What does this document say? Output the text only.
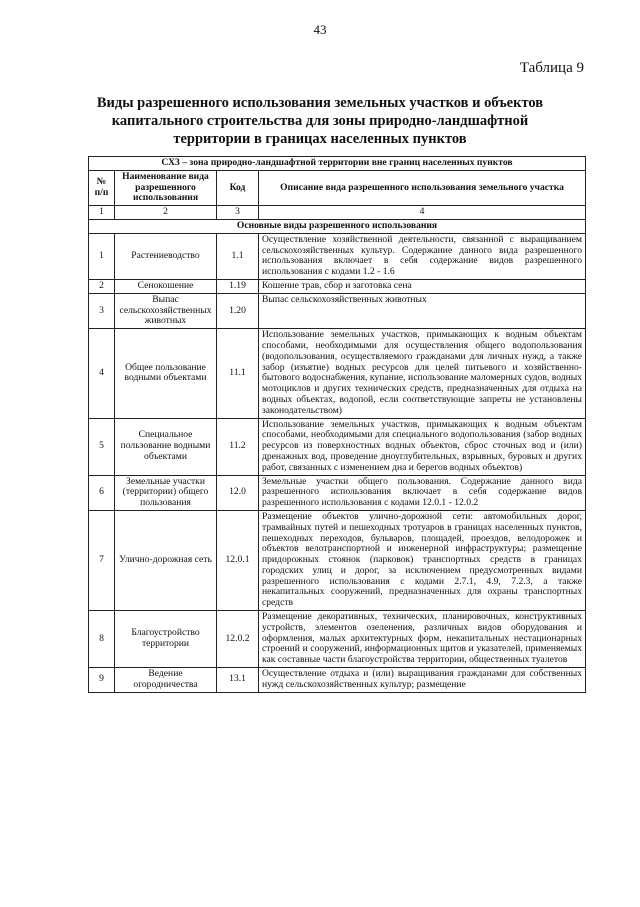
43
Таблица 9
Виды разрешенного использования земельных участков и объектов
капитального строительства для зоны природно-ландшафтной
территории в границах населенных пунктов
СХ3 – зона природно-ландшафтной территории вне границ населенных пунктов			
№ п/п	Наименование вида разрешенного использования	Код	Описание вида разрешенного использования земельного участка
1	2	3	4
Основные виды разрешенного использования			
1	Растениеводство	1.1	Осуществление хозяйственной деятельности, связанной с выращиванием сельскохозяйственных культур. Содержание данного вида разрешенного использования включает в себя содержание видов разрешенного использования с кодами 1.2 - 1.6
2	Сенокошение	1.19	Кошение трав, сбор и заготовка сена
3	Выпас сельскохозяйственных животных	1.20	Выпас сельскохозяйственных животных
4	Общее пользование водными объектами	11.1	Использование земельных участков, примыкающих к водным объектам способами, необходимыми для осуществления общего водопользования (водопользования, осуществляемого гражданами для личных нужд, а также забор (изъятие) водных ресурсов для целей питьевого и хозяйственно-бытового водоснабжения, купание, использование маломерных судов, водных мотоциклов и других технических средств, предназначенных для отдыха на водных объектах, водопой, если соответствующие запреты не установлены законодательством)
5	Специальное пользование водными объектами	11.2	Использование земельных участков, примыкающих к водным объектам способами, необходимыми для специального водопользования (забор водных ресурсов из поверхностных водных объектов, сброс сточных вод и (или) дренажных вод, проведение дноуглубительных, взрывных, буровых и других работ, связанных с изменением дна и берегов водных объектов)
6	Земельные участки (территории) общего пользования	12.0	Земельные участки общего пользования. Содержание данного вида разрешенного использования включает в себя содержание видов разрешенного использования с кодами 12.0.1 - 12.0.2
7	Улично-дорожная сеть	12.0.1	Размещение объектов улично-дорожной сети: автомобильных дорог, трамвайных путей и пешеходных тротуаров в границах населенных пунктов, пешеходных переходов, бульваров, площадей, проездов, велодорожек и объектов велотранспортной и инженерной инфраструктуры; размещение придорожных стоянок (парковок) транспортных средств в границах городских улиц и дорог, за исключением предусмотренных видами разрешенного использования с кодами 2.7.1, 4.9, 7.2.3, а также некапитальных сооружений, предназначенных для охраны транспортных средств
8	Благоустройство территории	12.0.2	Размещение декоративных, технических, планировочных, конструктивных устройств, элементов озеленения, различных видов оборудования и оформления, малых архитектурных форм, некапитальных нестационарных строений и сооружений, информационных щитов и указателей, применяемых как составные части благоустройства территории, общественных туалетов
9	Ведение огородничества	13.1	Осуществление отдыха и (или) выращивания гражданами для собственных нужд сельскохозяйственных культур; размещение
